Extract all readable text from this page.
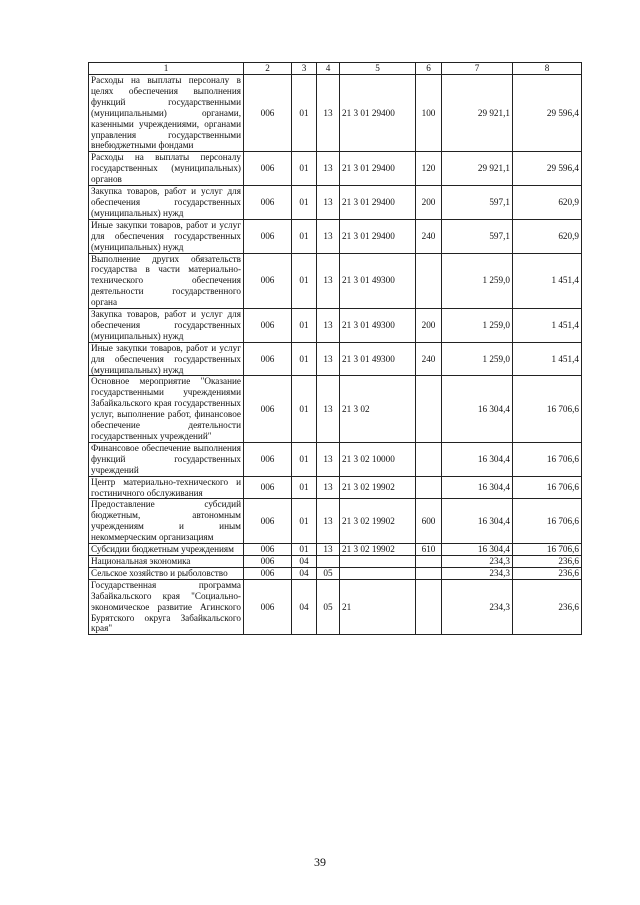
1	2	3	4	5	6	7	8
Расходы на выплаты персоналу в целях обеспечения выполнения функций государственными (муниципальными) органами, казенными учреждениями, органами управления государственными внебюджетными фондами	006	01	13	21 3 01 29400	100	29 921,1	29 596,4
Расходы на выплаты персоналу государственных (муниципальных) органов	006	01	13	21 3 01 29400	120	29 921,1	29 596,4
Закупка товаров, работ и услуг для обеспечения государственных (муниципальных) нужд	006	01	13	21 3 01 29400	200	597,1	620,9
Иные закупки товаров, работ и услуг для обеспечения государственных (муниципальных) нужд	006	01	13	21 3 01 29400	240	597,1	620,9
Выполнение других обязательств государства в части материально-технического обеспечения деятельности государственного органа	006	01	13	21 3 01 49300		1 259,0	1 451,4
Закупка товаров, работ и услуг для обеспечения государственных (муниципальных) нужд	006	01	13	21 3 01 49300	200	1 259,0	1 451,4
Иные закупки товаров, работ и услуг для обеспечения государственных (муниципальных) нужд	006	01	13	21 3 01 49300	240	1 259,0	1 451,4
Основное мероприятие "Оказание государственными учреждениями Забайкальского края государственных услуг, выполнение работ, финансовое обеспечение деятельности государственных учреждений"	006	01	13	21 3 02		16 304,4	16 706,6
Финансовое обеспечение выполнения функций государственных учреждений	006	01	13	21 3 02 10000		16 304,4	16 706,6
Центр материально-технического и гостиничного обслуживания	006	01	13	21 3 02 19902		16 304,4	16 706,6
Предоставление субсидий бюджетным, автономным учреждениям и иным некоммерческим организациям	006	01	13	21 3 02 19902	600	16 304,4	16 706,6
Субсидии бюджетным учреждениям	006	01	13	21 3 02 19902	610	16 304,4	16 706,6
Национальная экономика	006	04				234,3	236,6
Сельское хозяйство и рыболовство	006	04	05			234,3	236,6
Государственная программа Забайкальского края "Социально-экономическое развитие Агинского Бурятского округа Забайкальского края"	006	04	05	21		234,3	236,6
39
